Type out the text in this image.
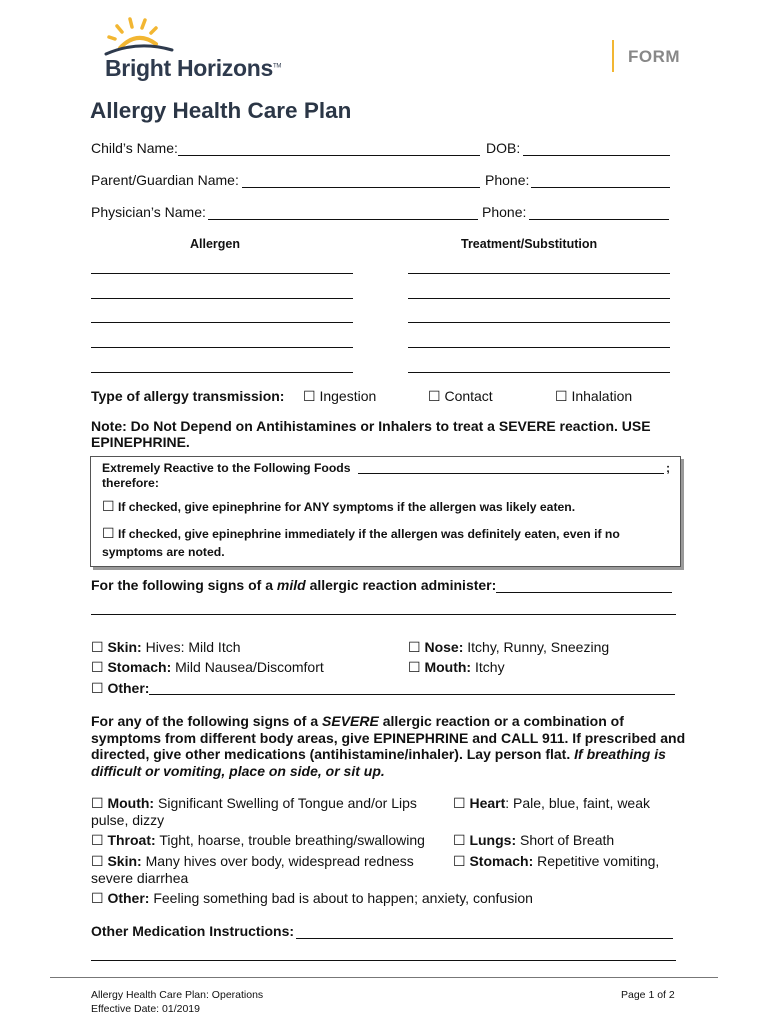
Bright Horizons™
FORM
Allergy Health Care Plan
Child’s Name:	DOB:
Parent/Guardian Name:	Phone:
Physician’s Name:	Phone:
Allergen	Treatment/Substitution
Type of allergy transmission: ☐ Ingestion	☐ Contact	☐ Inhalation
Note: Do Not Depend on Antihistamines or Inhalers to treat a SEVERE reaction. USE
EPINEPHRINE.
Extremely Reactive to the Following Foods	;
therefore:
☐ If checked, give epinephrine for ANY symptoms if the allergen was likely eaten.
☐ If checked, give epinephrine immediately if the allergen was definitely eaten, even if no
symptoms are noted.
For the following signs of a mild allergic reaction administer:
☐ Skin: Hives: Mild Itch	☐ Nose: Itchy, Runny, Sneezing
☐ Stomach: Mild Nausea/Discomfort	☐ Mouth: Itchy
☐ Other:
For any of the following signs of a SEVERE allergic reaction or a combination of
symptoms from different body areas, give EPINEPHRINE and CALL 911. If prescribed and
directed, give other medications (antihistamine/inhaler). Lay person flat. If breathing is
difficult or vomiting, place on side, or sit up.
☐ Mouth: Significant Swelling of Tongue and/or Lips	☐ Heart: Pale, blue, faint, weak
pulse, dizzy
☐ Throat: Tight, hoarse, trouble breathing/swallowing ☐ Lungs: Short of Breath
☐ Skin: Many hives over body, widespread redness	☐ Stomach: Repetitive vomiting,
severe diarrhea
☐ Other: Feeling something bad is about to happen; anxiety, confusion
Other Medication Instructions:
Allergy Health Care Plan: Operations
Effective Date: 01/2019
Page 1 of 2
